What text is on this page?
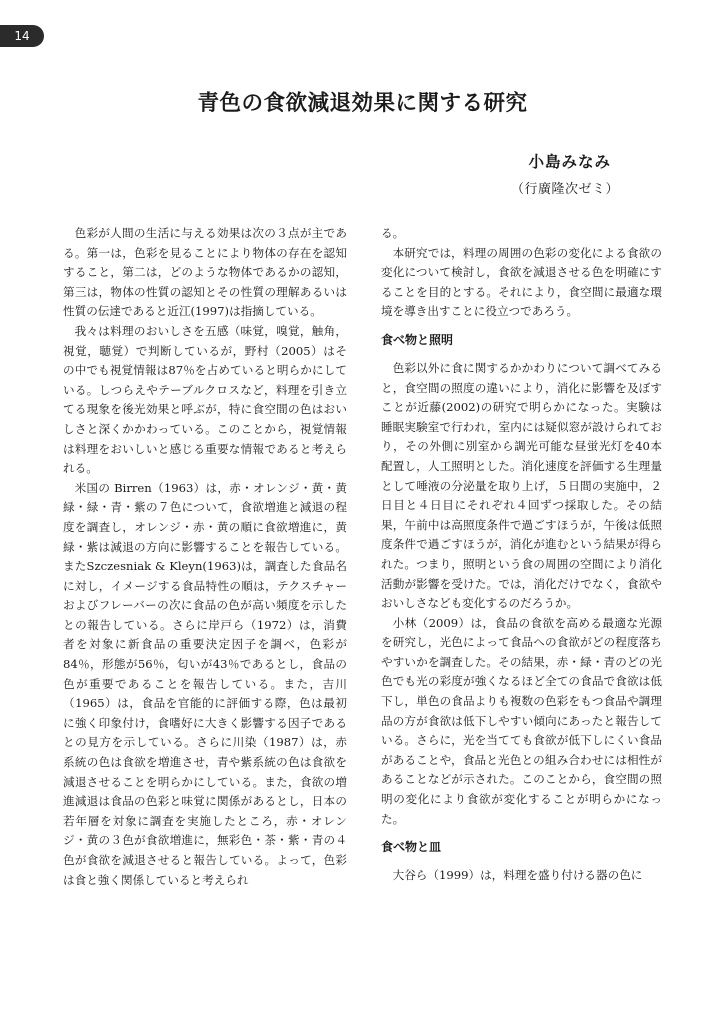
14
青色の食欲減退効果に関する研究
小島みなみ
（行廣隆次ゼミ）

色彩が人間の生活に与える効果は次の３点が主である。第一は，色彩を見ることにより物体の存在を認知すること，第二は，どのような物体であるかの認知，第三は，物体の性質の認知とその性質の理解あるいは性質の伝達であると近江(1997)は指摘している。

我々は料理のおいしさを五感（味覚，嗅覚，触角，視覚，聴覚）で判断しているが，野村（2005）はその中でも視覚情報は87％を占めていると明らかにしている。しつらえやテーブルクロスなど，料理を引き立てる現象を後光効果と呼ぶが，特に食空間の色はおいしさと深くかかわっている。このことから，視覚情報は料理をおいしいと感じる重要な情報であると考えられる。

米国の Birren（1963）は，赤・オレンジ・黄・黄緑・緑・青・紫の７色について，食欲増進と減退の程度を調査し，オレンジ・赤・黄の順に食欲増進に，黄緑・紫は減退の方向に影響することを報告している。またSzczesniak & Kleyn(1963)は，調査した食品名に対し，イメージする食品特性の順は，テクスチャーおよびフレーバーの次に食品の色が高い頻度を示したとの報告している。さらに岸戸ら（1972）は，消費者を対象に新食品の重要決定因子を調べ，色彩が84％，形態が56％，匂いが43％であるとし，食品の色が重要であることを報告している。また，吉川（1965）は，食品を官能的に評価する際，色は最初に強く印象付け，食嗜好に大きく影響する因子であるとの見方を示している。さらに川染（1987）は，赤系統の色は食欲を増進させ，青や紫系統の色は食欲を減退させることを明らかにしている。また，食欲の増進減退は食品の色彩と味覚に関係があるとし，日本の若年層を対象に調査を実施したところ，赤・オレンジ・黄の３色が食欲増進に，無彩色・茶・紫・青の４色が食欲を減退させると報告している。よって，色彩は食と強く関係していると考えられ

る。

本研究では，料理の周囲の色彩の変化による食欲の変化について検討し，食欲を減退させる色を明確にすることを目的とする。それにより，食空間に最適な環境を導き出すことに役立つであろう。

食べ物と照明

色彩以外に食に関するかかわりについて調べてみると，食空間の照度の違いにより，消化に影響を及ぼすことが近藤(2002)の研究で明らかになった。実験は睡眠実験室で行われ，室内には疑似窓が設けられており，その外側に別室から調光可能な昼蛍光灯を40本配置し，人工照明とした。消化速度を評価する生理量として唾液の分泌量を取り上げ，５日間の実施中，２日目と４日目にそれぞれ４回ずつ採取した。その結果，午前中は高照度条件で過ごすほうが，午後は低照度条件で過ごすほうが，消化が進むという結果が得られた。つまり，照明という食の周囲の空間により消化活動が影響を受けた。では，消化だけでなく，食欲やおいしさなども変化するのだろうか。

小林（2009）は，食品の食欲を高める最適な光源を研究し，光色によって食品への食欲がどの程度落ちやすいかを調査した。その結果，赤・緑・青のどの光色でも光の彩度が強くなるほど全ての食品で食欲は低下し，単色の食品よりも複数の色彩をもつ食品や調理品の方が食欲は低下しやすい傾向にあったと報告している。さらに，光を当てても食欲が低下しにくい食品があることや，食品と光色との組み合わせには相性があることなどが示された。このことから，食空間の照明の変化により食欲が変化することが明らかになった。

食べ物と皿

大谷ら（1999）は，料理を盛り付ける器の色に
